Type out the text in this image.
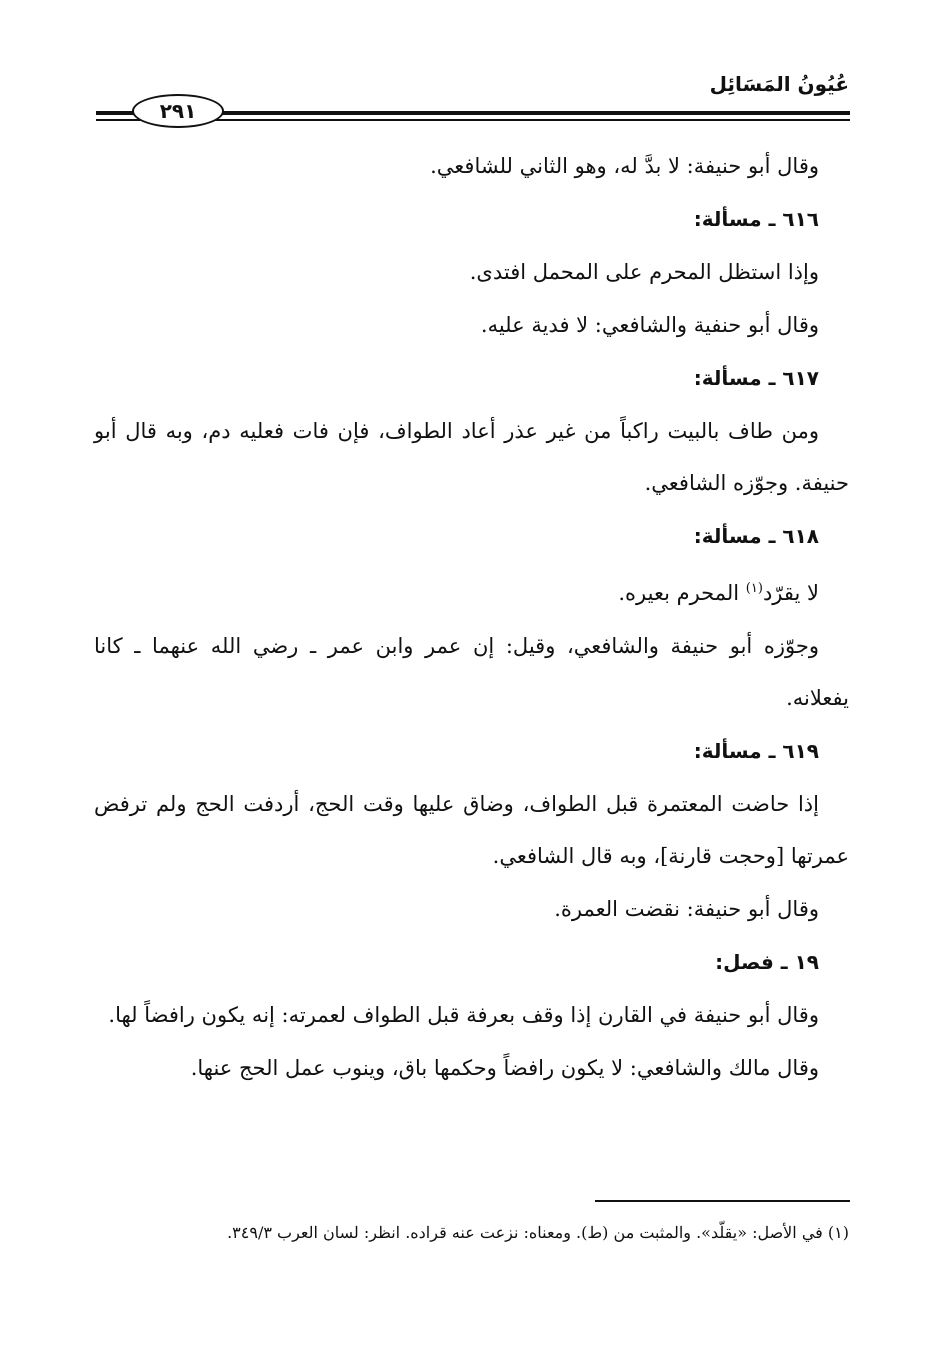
عُيُونُ المَسَائِل
٢٩١

وقال أبو حنيفة: لا بدَّ له، وهو الثاني للشافعي.

٦١٦ ـ مسألة:

وإذا استظل المحرم على المحمل افتدى.

وقال أبو حنفية والشافعي: لا فدية عليه.

٦١٧ ـ مسألة:

ومن طاف بالبيت راكباً من غير عذر أعاد الطواف، فإن فات فعليه دم، وبه قال أبو حنيفة. وجوّزه الشافعي.

٦١٨ ـ مسألة:

لا يقرّد$^{(١)}$ المحرم بعيره.

وجوّزه أبو حنيفة والشافعي، وقيل: إن عمر وابن عمر ـ رضي الله عنهما ـ كانا يفعلانه.

٦١٩ ـ مسألة:

إذا حاضت المعتمرة قبل الطواف، وضاق عليها وقت الحج، أردفت الحج ولم ترفض عمرتها [وحجت قارنة]، وبه قال الشافعي.

وقال أبو حنيفة: نقضت العمرة.

١٩ ـ فصل:

وقال أبو حنيفة في القارن إذا وقف بعرفة قبل الطواف لعمرته: إنه يكون رافضاً لها.

وقال مالك والشافعي: لا يكون رافضاً وحكمها باق، وينوب عمل الحج عنها.

(١) في الأصل: «يقلّد». والمثبت من (ط). ومعناه: نزعت عنه قراده. انظر: لسان العرب ٣٤٩/٣.
